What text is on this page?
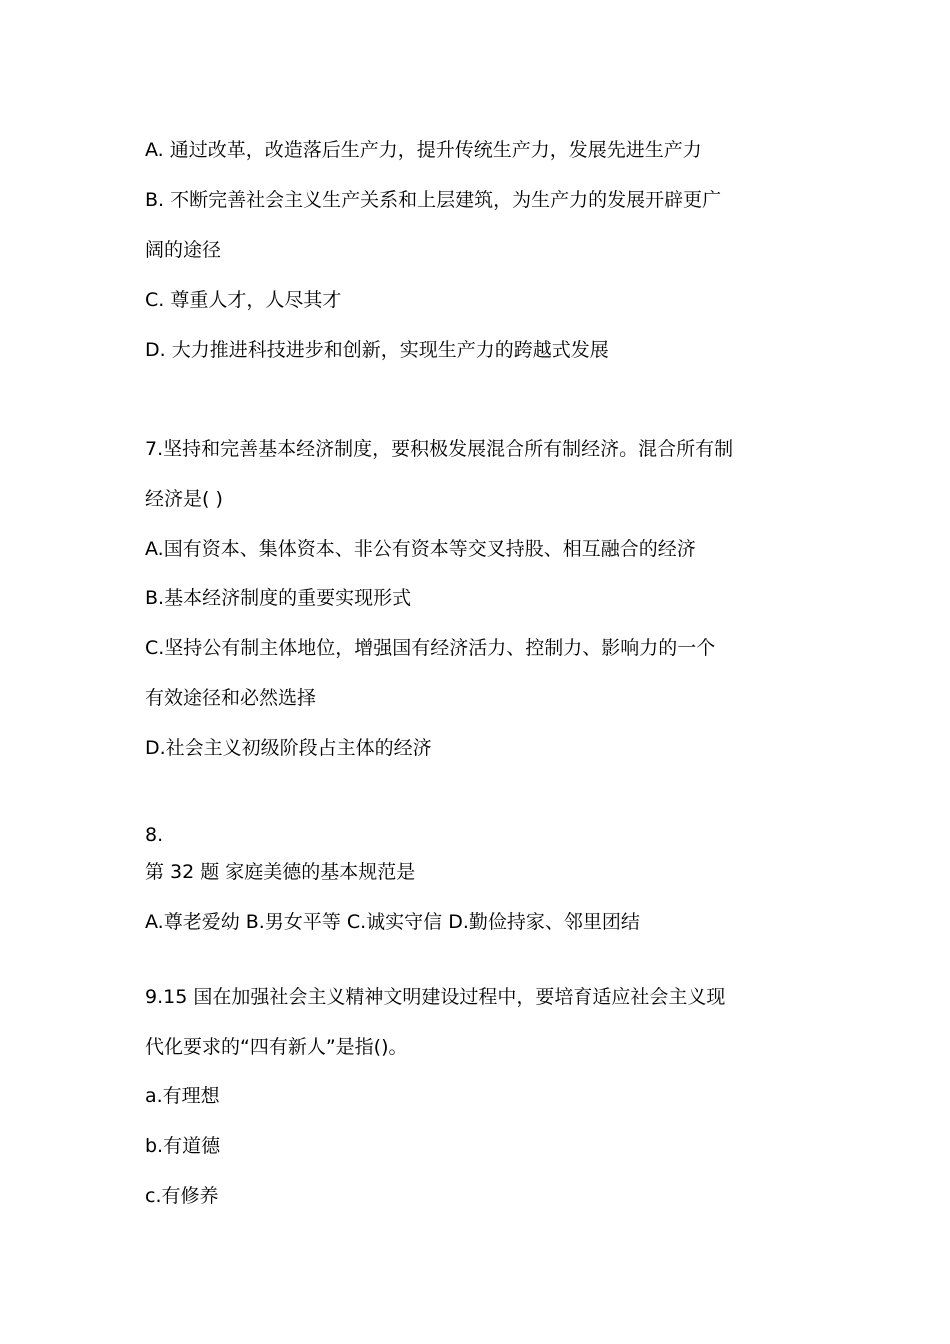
A. 通过改革，改造落后生产力，提升传统生产力，发展先进生产力

B. 不断完善社会主义生产关系和上层建筑，为生产力的发展开辟更广

阔的途径

C. 尊重人才，人尽其才

D. 大力推进科技进步和创新，实现生产力的跨越式发展

7.坚持和完善基本经济制度，要积极发展混合所有制经济。混合所有制

经济是( )

A.国有资本、集体资本、非公有资本等交叉持股、相互融合的经济

B.基本经济制度的重要实现形式

C.坚持公有制主体地位，增强国有经济活力、控制力、影响力的一个

有效途径和必然选择

D.社会主义初级阶段占主体的经济

8.

第 32 题 家庭美德的基本规范是

A.尊老爱幼 B.男女平等 C.诚实守信 D.勤俭持家、邻里团结

9.15 国在加强社会主义精神文明建设过程中，要培育适应社会主义现

代化要求的“四有新人”是指()。

a.有理想

b.有道德

c.有修养
